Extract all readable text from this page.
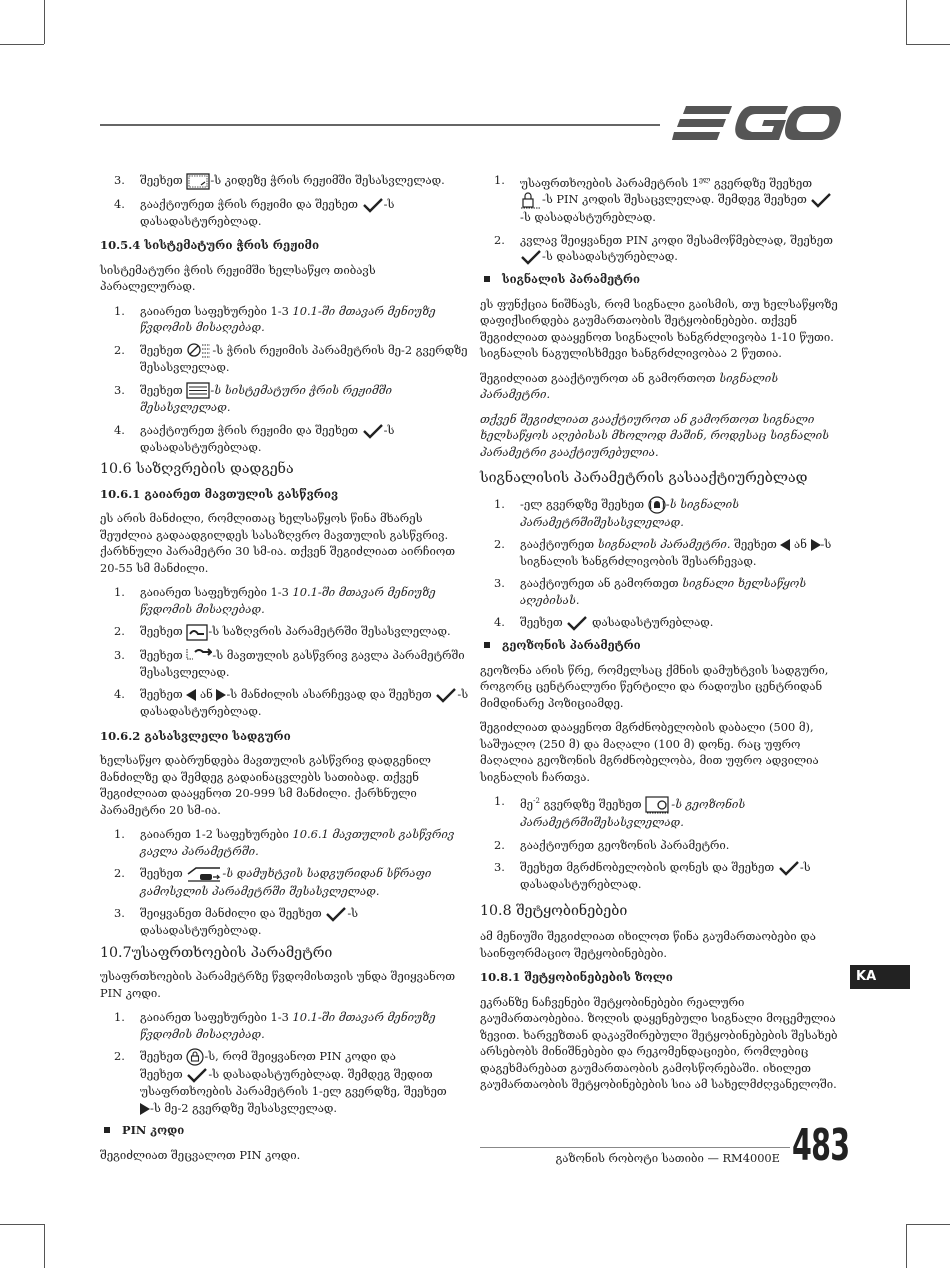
3. შეეხეთ -ს კიდეზე ჭრის რეჟიმში შესასვლელად.
4. გააქტიურეთ ჭრის რეჟიმი და შეეხეთ -ს დასადასტურებლად.
10.5.4 სისტემატური ჭრის რეჟიმი
სისტემატური ჭრის რეჟიმში ხელსაწყო თიბავს პარალელურად.
1. გაიარეთ საფეხურები 1-3 10.1-ში მთავარ მენიუზე წვდომის მისაღებად.
2. შეეხეთ	-ს ჭრის რეჟიმის პარამეტრის მე-2 გვერდზე შესასვლელად.
3. შეეხეთ -ს სისტემატური ჭრის რეჟიმში შესასვლელად.
4. გააქტიურეთ ჭრის რეჟიმი და შეეხეთ -ს დასადასტურებლად.
10.6 საზღვრების დადგენა
10.6.1 გაიარეთ მავთულის გასწვრივ
ეს არის მანძილი, რომლითაც ხელსაწყოს წინა მხარეს შეუძლია გადაადგილდეს სასაზღვრო მავთულის გასწვრივ. ქარხნული პარამეტრი 30 სმ-ია. თქვენ შეგიძლიათ აირჩიოთ 20-55 სმ მანძილი.
1. გაიარეთ საფეხურები 1-3 10.1-ში მთავარ მენიუზე წვდომის მისაღებად.
2. შეეხეთ -ს საზღვრის პარამეტრში შესასვლელად.
3. შეეხეთ	-ს მავთულის გასწვრივ გავლა პარამეტრში შესასვლელად.
4. შეეხეთ ან -ს მანძილის ასარჩევად და შეეხეთ -ს დასადასტურებლად.
10.6.2 გასასვლელი სადგური
ხელსაწყო დაბრუნდება მავთულის გასწვრივ დადგენილ მანძილზე და შემდეგ გადაინაცვლებს სათიბად. თქვენ შეგიძლიათ დააყენოთ 20-999 სმ მანძილი. ქარხნული პარამეტრი 20 სმ-ია.
1. გაიარეთ 1-2 საფეხურები 10.6.1 მავთულის გასწვრივ გავლა პარამეტრში.
2. შეეხეთ	-ს დამუხტვის სადგურიდან სწრაფი გამოსვლის პარამეტრში შესასვლელად.
3. შეიყვანეთ მანძილი და შეეხეთ -ს დასადასტურებლად.
10.7უსაფრთხოების პარამეტრი
უსაფრთხოების პარამეტრზე წვდომისთვის უნდა შეიყვანოთ PIN კოდი.
1. გაიარეთ საფეხურები 1-3 10.1-ში მთავარ მენიუზე წვდომის მისაღებად.
2. შეეხეთ -ს, რომ შეიყვანოთ PIN კოდი და
შეეხეთ -ს დასადასტურებლად. შემდეგ შედით უსაფრთხოების პარამეტრის 1-ელ გვერდზე, შეეხეთ
-ს მე-2 გვერდზე შესასვლელად.
PIN კოდი
შეგიძლიათ შეცვალოთ PIN კოდი.
1. უსაფრთხოების პარამეტრის $1^{ელ}$ გვერდზე შეეხეთ
-ს PIN კოდის შესაცვლელად. შემდეგ შეეხეთ
-ს დასადასტურებლად.
2. კვლავ შეიყვანეთ PIN კოდი შესამოწმებლად, შეეხეთ
-ს დასადასტურებლად.
სიგნალის პარამეტრი
ეს ფუნქცია ნიშნავს, რომ სიგნალი გაისმის, თუ ხელსაწყოზე დაფიქსირდება გაუმართაობის შეტყობინებები. თქვენ შეგიძლიათ დააყენოთ სიგნალის ხანგრძლივობა 1-10 წუთი. სიგნალის ნაგულისხმევი ხანგრძლივობაა 2 წუთია.
შეგიძლიათ გააქტიუროთ ან გამორთოთ სიგნალის პარამეტრი.
თქვენ შეგიძლიათ გააქტიუროთ ან გამორთოთ სიგნალი ხელსაწყოს აღებისას მხოლოდ მაშინ, როდესაც სიგნალის პარამეტრი გააქტიურებულია.
სიგნალისის პარამეტრის გასააქტიურებლად
1. -ელ გვერდზე შეეხეთ -ს სიგნალის პარამეტრშიშესასვლელად.
2. გააქტიურეთ სიგნალის პარამეტრი. შეეხეთ ან -ს სიგნალის ხანგრძლივობის შესარჩევად.
3. გააქტიურეთ ან გამორთეთ სიგნალი ხელსაწყოს აღებისას.
4. შეეხეთ	დასადასტურებლად.
გეოზონის პარამეტრი
გეოზონა არის წრე, რომელსაც ქმნის დამუხტვის სადგური, როგორც ცენტრალური წერტილი და რადიუსი ცენტრიდან მიმდინარე პოზიციამდე.
შეგიძლიათ დააყენოთ მგრძნობელობის დაბალი (500 მ), საშუალო (250 მ) და მაღალი (100 მ) დონე. რაც უფრო მაღალია გეოზონის მგრძნობელობა, მით უფრო ადვილია სიგნალის ჩართვა.
1. მე$^{-2}$ გვერდზე შეეხეთ	-ს გეოზონის პარამეტრშიშესასვლელად.
2. გააქტიურეთ გეოზონის პარამეტრი.
3. შეეხეთ მგრძნობელობის დონეს და შეეხეთ -ს დასადასტურებლად.
10.8 შეტყობინებები
ამ მენიუში შეგიძლიათ იხილოთ წინა გაუმართაობები და საინფორმაციო შეტყობინებები.
10.8.1 შეტყობინებების ზოლი
ეკრანზე ნაჩვენები შეტყობინებები რეალური გაუმართაობებია. ზოლის დაყენებული სიგნალი მოცემულია ზევით. ხარვეზთან დაკავშირებული შეტყობინებების შესახებ არსებობს მინიშნებები და რეკომენდაციები, რომლებიც დაგეხმარებათ გაუმართაობის გამოსწორებაში. იხილეთ გაუმართაობის შეტყობინებების სია ამ სახელმძღვანელოში.
KA
გაზონის რობოტი სათიბი — RM4000E 483
